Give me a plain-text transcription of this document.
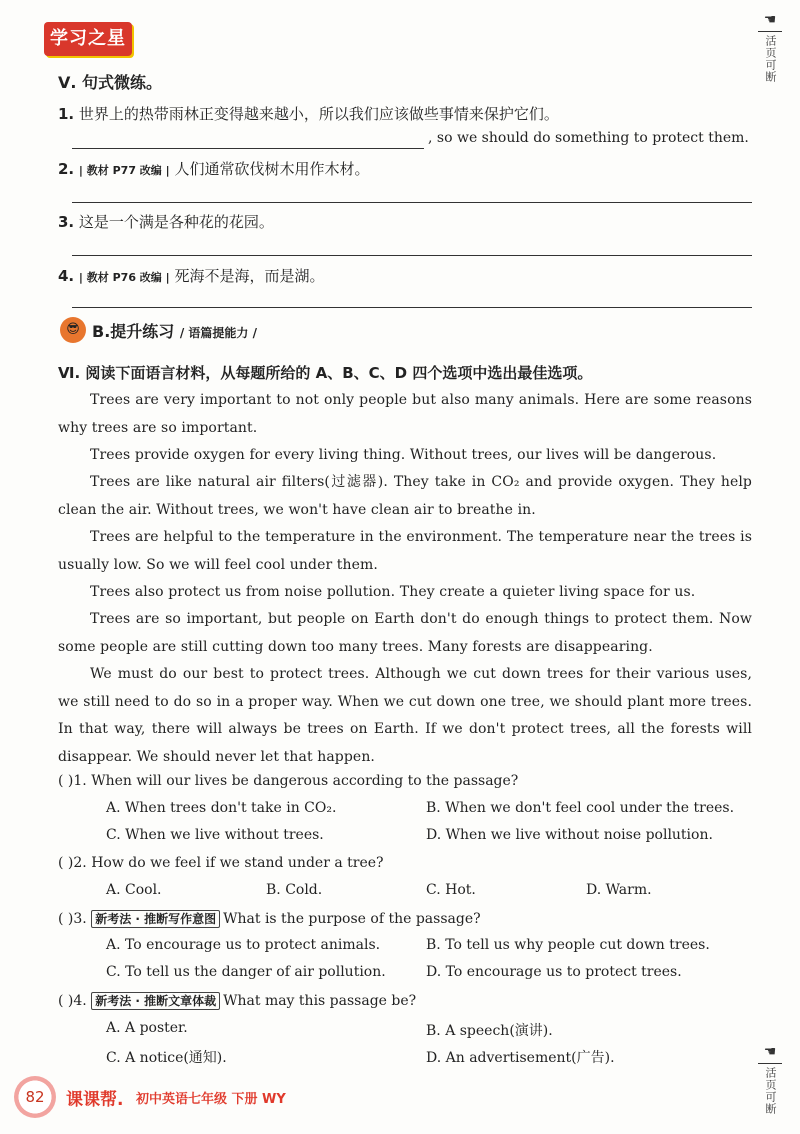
学习之星
☚
活页可断
Ⅴ. 句式微练。
1. 世界上的热带雨林正变得越来越小，所以我们应该做些事情来保护它们。
, so we should do something to protect them.
2. | 教材 P77 改编 | 人们通常砍伐树木用作木材。
3. 这是一个满是各种花的花园。
4. | 教材 P76 改编 | 死海不是海，而是湖。
😎 B.提升练习 / 语篇提能力 /
Ⅵ. 阅读下面语言材料，从每题所给的 A、B、C、D 四个选项中选出最佳选项。
Trees are very important to not only people but also many animals. Here are some reasons why trees are so important.
Trees provide oxygen for every living thing. Without trees, our lives will be dangerous.
Trees are like natural air filters(过滤器). They take in CO₂ and provide oxygen. They help clean the air. Without trees, we won't have clean air to breathe in.
Trees are helpful to the temperature in the environment. The temperature near the trees is usually low. So we will feel cool under them.
Trees also protect us from noise pollution. They create a quieter living space for us.
Trees are so important, but people on Earth don't do enough things to protect them. Now some people are still cutting down too many trees. Many forests are disappearing.
We must do our best to protect trees. Although we cut down trees for their various uses, we still need to do so in a proper way. When we cut down one tree, we should plant more trees. In that way, there will always be trees on Earth. If we don't protect trees, all the forests will disappear. We should never let that happen.
( )1. When will our lives be dangerous according to the passage?
A. When trees don't take in CO₂.	B. When we don't feel cool under the trees.
C. When we live without trees.	D. When we live without noise pollution.
( )2. How do we feel if we stand under a tree?
A. Cool.	B. Cold.	C. Hot.	D. Warm.
( )3. 新考法 · 推断写作意图 What is the purpose of the passage?
A. To encourage us to protect animals.	B. To tell us why people cut down trees.
C. To tell us the danger of air pollution.	D. To encourage us to protect trees.
( )4. 新考法 · 推断文章体裁 What may this passage be?
A. A poster.	B. A speech(演讲).
C. A notice(通知).	D. An advertisement(广告).
82	课课帮. 初中英语七年级 下册 WY
☚
活页可断
